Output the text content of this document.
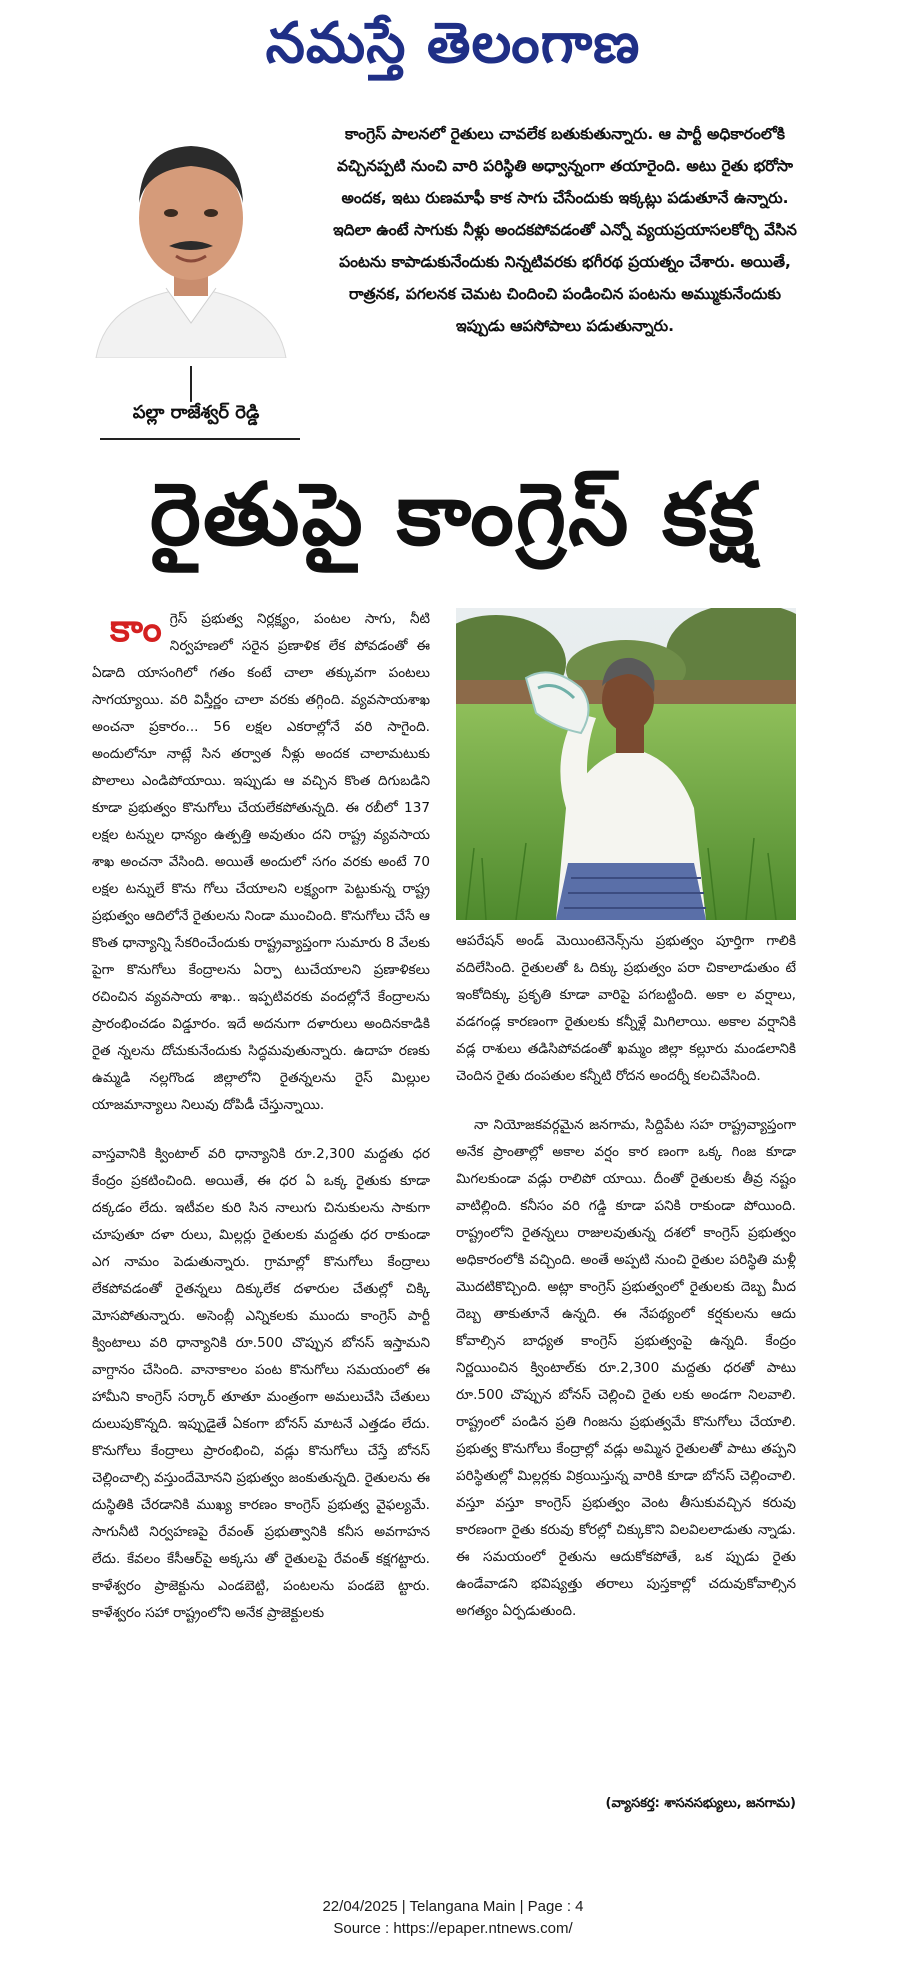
నమస్తే తెలంగాణ
పల్లా రాజేశ్వర్ రెడ్డి
కాంగ్రెస్ పాలనలో రైతులు చావలేక బతుకుతున్నారు. ఆ పార్టీ అధికారంలోకి వచ్చినప్పటి నుంచి వారి పరిస్థితి అధ్వాన్నంగా తయారైంది. అటు రైతు భరోసా అందక, ఇటు రుణమాఫీ కాక సాగు చేసేందుకు ఇక్కట్లు పడుతూనే ఉన్నారు. ఇదిలా ఉంటే సాగుకు నీళ్లు అందకపోవడంతో ఎన్నో వ్యయప్రయాసలకోర్చి వేసిన పంటను కాపాడుకునేందుకు నిన్నటివరకు భగీరథ ప్రయత్నం చేశారు. అయితే, రాత్రనక, పగలనక చెమట చిందించి పండించిన పంటను అమ్ముకునేందుకు ఇప్పుడు ఆపసోపాలు పడుతున్నారు.
రైతుపై కాంగ్రెస్ కక్ష
కాం గ్రెస్ ప్రభుత్వ నిర్లక్ష్యం, పంటల సాగు, నీటి నిర్వహణలో సరైన ప్రణాళిక లేక పోవడంతో ఈ ఏడాది యాసంగిలో గతం కంటే చాలా తక్కువగా పంటలు సాగయ్యాయి. వరి విస్తీర్ణం చాలా వరకు తగ్గింది. వ్యవసాయశాఖ అంచనా ప్రకారం... 56 లక్షల ఎకరాల్లోనే వరి సాగైంది. అందులోనూ నాట్లే సిన తర్వాత నీళ్లు అందక చాలామటుకు పొలాలు ఎండిపోయాయి. ఇప్పుడు ఆ వచ్చిన కొంత దిగుబడిని కూడా ప్రభుత్వం కొనుగోలు చేయలేకపోతున్నది. ఈ రబీలో 137 లక్షల టన్నుల ధాన్యం ఉత్పత్తి అవుతుం దని రాష్ట్ర వ్యవసాయ శాఖ అంచనా వేసింది. అయితే అందులో సగం వరకు అంటే 70 లక్షల టన్నులే కొను గోలు చేయాలని లక్ష్యంగా పెట్టుకున్న రాష్ట్ర ప్రభుత్వం ఆదిలోనే రైతులను నిండా ముంచింది. కొనుగోలు చేసే ఆ కొంత ధాన్యాన్ని సేకరించేందుకు రాష్ట్రవ్యాప్తంగా సుమారు 8 వేలకు పైగా కొనుగోలు కేంద్రాలను ఏర్పా టుచేయాలని ప్రణాళికలు రచించిన వ్యవసాయ శాఖ.. ఇప్పటివరకు వందల్లోనే కేంద్రాలను ప్రారంభించడం విడ్డూరం. ఇదే అదనుగా దళారులు అందినకాడికి రైత న్నలను దోచుకునేందుకు సిద్ధమవుతున్నారు. ఉదాహ రణకు ఉమ్మడి నల్లగొండ జిల్లాలోని రైతన్నలను రైస్ మిల్లుల యాజమాన్యాలు నిలువు దోపిడీ చేస్తున్నాయి.
వాస్తవానికి క్వింటాల్ వరి ధాన్యానికి రూ.2,300 మద్దతు ధర కేంద్రం ప్రకటించింది. అయితే, ఈ ధర ఏ ఒక్క రైతుకు కూడా దక్కడం లేదు. ఇటీవల కురి సిన నాలుగు చినుకులను సాకుగా చూపుతూ దళా రులు, మిల్లర్లు రైతులకు మద్దతు ధర రాకుండా ఎగ నామం పెడుతున్నారు. గ్రామాల్లో కొనుగోలు కేంద్రాలు లేకపోవడంతో రైతన్నలు దిక్కులేక దళారుల చేతుల్లో చిక్కి మోసపోతున్నారు. అసెంబ్లీ ఎన్నికలకు ముందు కాంగ్రెస్ పార్టీ క్వింటాలు వరి ధాన్యానికి రూ.500 చొప్పున బోనస్ ఇస్తామని వాగ్దానం చేసింది. వానాకాలం పంట కొనుగోలు సమయంలో ఈ హామీని కాంగ్రెస్ సర్కార్ తూతూ మంత్రంగా అమలుచేసి చేతులు దులుపుకొన్నది. ఇప్పుడైతే ఏకంగా బోనస్ మాటనే ఎత్తడం లేదు. కొనుగోలు కేంద్రాలు ప్రారంభించి, వడ్లు కొనుగోలు చేస్తే బోనస్ చెల్లించాల్సి వస్తుందేమోనని ప్రభుత్వం జంకుతున్నది. రైతులను ఈ దుస్థితికి చేరడానికి ముఖ్య కారణం కాంగ్రెస్ ప్రభుత్వ వైఫల్యమే. సాగునీటి నిర్వహణపై రేవంత్ ప్రభుత్వానికి కనీస అవగాహన లేదు. కేవలం కేసీఆర్‌పై అక్కసు తో రైతులపై రేవంత్ కక్షగట్టారు. కాళేశ్వరం ప్రాజెక్టును ఎండబెట్టి, పంటలను పండబె ట్టారు. కాళేశ్వరం సహా రాష్ట్రంలోని అనేక ప్రాజెక్టులకు
ఆపరేషన్ అండ్ మెయింటెనెన్స్‌ను ప్రభుత్వం పూర్తిగా గాలికి వదిలేసింది. రైతులతో ఓ దిక్కు ప్రభుత్వం పరా చికాలాడుతుం టే ఇంకోదిక్కు ప్రకృతి కూడా వారిపై పగబట్టింది. అకా ల వర్షాలు, వడగండ్ల కారణంగా రైతులకు కన్నీళ్లే మిగిలాయి. అకాల వర్షానికి వడ్ల రాశులు తడిసిపోవడంతో ఖమ్మం జిల్లా కల్లూరు మండలానికి చెందిన రైతు దంపతుల కన్నీటి రోదన అందర్నీ కలచివేసింది.
నా నియోజకవర్గమైన జనగామ, సిద్దిపేట సహ రాష్ట్రవ్యాప్తంగా అనేక ప్రాంతాల్లో అకాల వర్షం కార ణంగా ఒక్క గింజ కూడా మిగలకుండా వడ్లు రాలిపో యాయి. దీంతో రైతులకు తీవ్ర నష్టం వాటిల్లింది. కనీసం వరి గడ్డి కూడా పనికి రాకుండా పోయింది. రాష్ట్రంలోని రైతన్నలు రాజులవుతున్న దశలో కాంగ్రెస్ ప్రభుత్వం అధికారంలోకి వచ్చింది. అంతే అప్పటి నుంచి రైతుల పరిస్థితి మళ్లీ మొదటికొచ్చింది. అట్లా కాంగ్రెస్ ప్రభుత్వంలో రైతులకు దెబ్బ మీద దెబ్బ తాకుతూనే ఉన్నది. ఈ నేపథ్యంలో కర్షకులను ఆదు కోవాల్సిన బాధ్యత కాంగ్రెస్ ప్రభుత్వంపై ఉన్నది. కేంద్రం నిర్ణయించిన క్వింటాల్‌కు రూ.2,300 మద్దతు ధరతో పాటు రూ.500 చొప్పున బోనస్ చెల్లించి రైతు లకు అండగా నిలవాలి. రాష్ట్రంలో పండిన ప్రతి గింజను ప్రభుత్వమే కొనుగోలు చేయాలి. ప్రభుత్వ కొనుగోలు కేంద్రాల్లో వడ్లు అమ్మిన రైతులతో పాటు తప్పని పరిస్థితుల్లో మిల్లర్లకు విక్రయిస్తున్న వారికి కూడా బోనస్ చెల్లించాలి. వస్తూ వస్తూ కాంగ్రెస్ ప్రభుత్వం వెంట తీసుకువచ్చిన కరువు కారణంగా రైతు కరువు కోరల్లో చిక్కుకొని విలవిలలాడుతు న్నాడు. ఈ సమయంలో రైతును ఆదుకోకపోతే, ఒక ప్పుడు రైతు ఉండేవాడని భవిష్యత్తు తరాలు పుస్తకాల్లో చదువుకోవాల్సిన అగత్యం ఏర్పడుతుంది.
(వ్యాసకర్త: శాసనసభ్యులు, జనగామ)
22/04/2025 | Telangana Main | Page : 4
Source : https://epaper.ntnews.com/
